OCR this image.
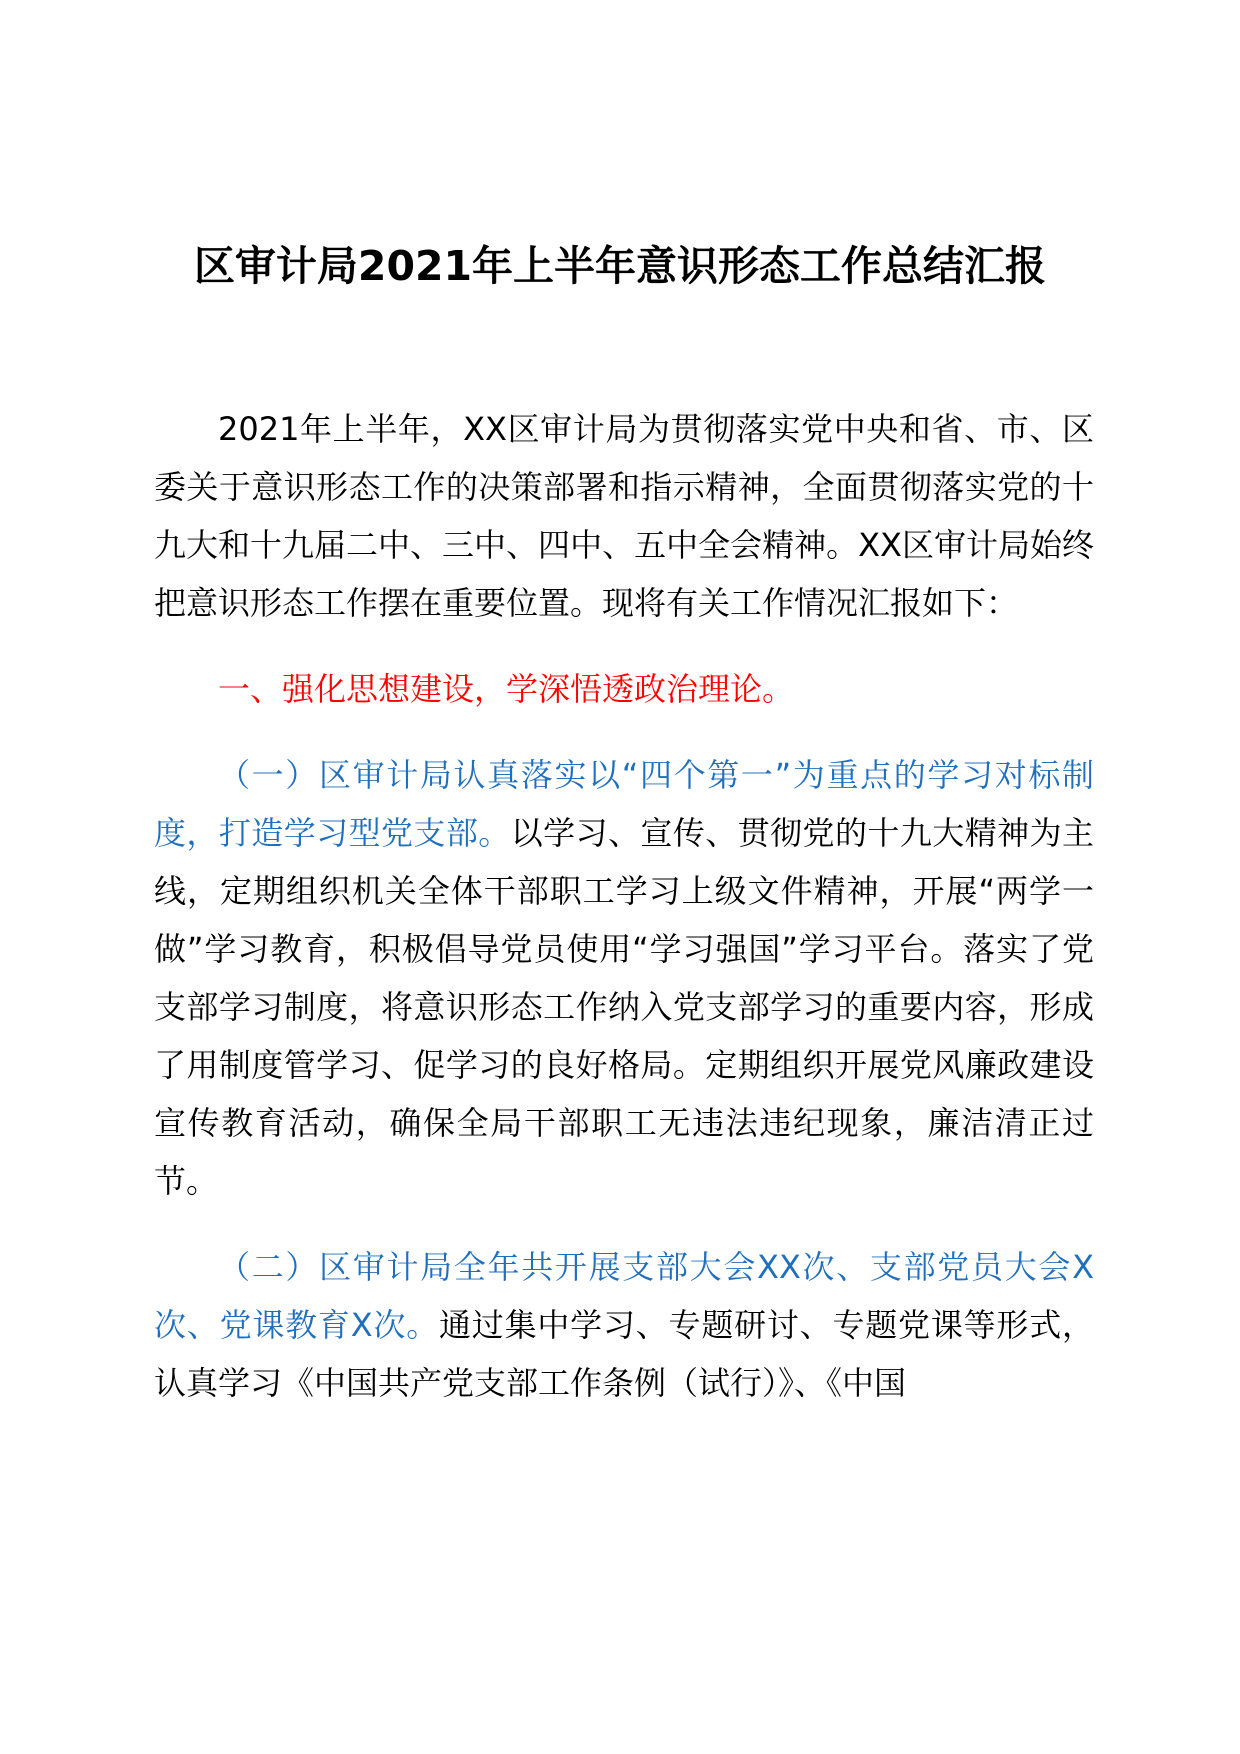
区审计局2021年上半年意识形态工作总结汇报

2021年上半年，XX区审计局为贯彻落实党中央和省、市、区委关于意识形态工作的决策部署和指示精神，全面贯彻落实党的十九大和十九届二中、三中、四中、五中全会精神。XX区审计局始终把意识形态工作摆在重要位置。现将有关工作情况汇报如下：

一、强化思想建设，学深悟透政治理论。

（一）区审计局认真落实以“四个第一”为重点的学习对标制度，打造学习型党支部。以学习、宣传、贯彻党的十九大精神为主线，定期组织机关全体干部职工学习上级文件精神，开展“两学一做”学习教育，积极倡导党员使用“学习强国”学习平台。落实了党支部学习制度，将意识形态工作纳入党支部学习的重要内容，形成了用制度管学习、促学习的良好格局。定期组织开展党风廉政建设宣传教育活动，确保全局干部职工无违法违纪现象，廉洁清正过节。

（二）区审计局全年共开展支部大会XX次、支部党员大会X次、党课教育X次。通过集中学习、专题研讨、专题党课等形式，认真学习《中国共产党支部工作条例（试行）》、《中国
